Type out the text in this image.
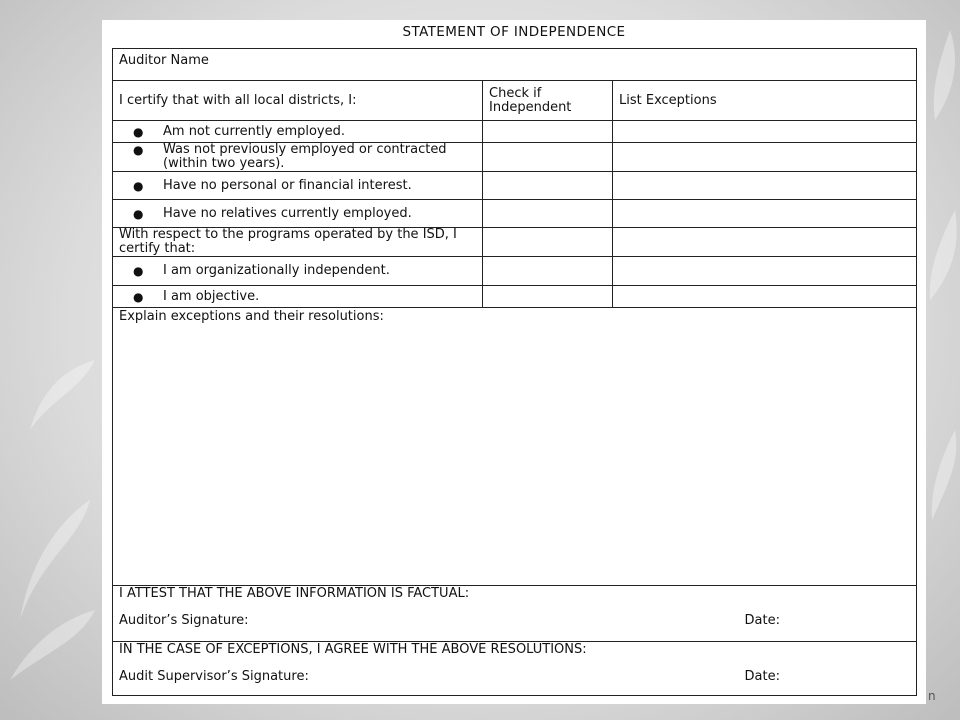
STATEMENT OF INDEPENDENCE
Auditor Name		

I certify that with all local districts, I:	Check if Independent	List Exceptions

● Am not currently employed.		

● Was not previously employed or contracted (within two years).		

● Have no personal or financial interest.		

● Have no relatives currently employed.		

With respect to the programs operated by the ISD, I certify that:		

● I am organizationally independent.		

● I am objective.		

Explain exceptions and their resolutions:		

I ATTEST THAT THE ABOVE INFORMATION IS FACTUAL:
Auditor’s Signature: Date:		

IN THE CASE OF EXCEPTIONS, I AGREE WITH THE ABOVE RESOLUTIONS:
Audit Supervisor’s Signature: Date:		
n
